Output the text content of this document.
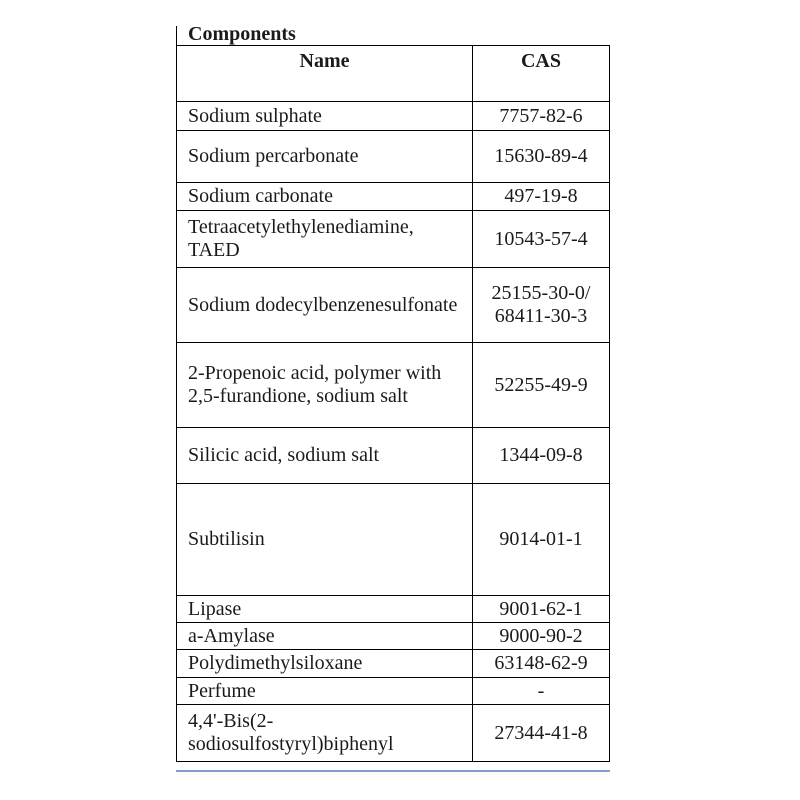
Components
Name	CAS
Sodium sulphate	7757-82-6
Sodium percarbonate	15630-89-4
Sodium carbonate	497-19-8
Tetraacetylethylenediamine, TAED	10543-57-4
Sodium dodecylbenzenesulfonate	25155-30-0/ 68411-30-3
2-Propenoic acid, polymer with 2,5-furandione, sodium salt	52255-49-9
Silicic acid, sodium salt	1344-09-8
Subtilisin	9014-01-1
Lipase	9001-62-1
a-Amylase	9000-90-2
Polydimethylsiloxane	63148-62-9
Perfume	-
4,4'-Bis(2-sodiosulfostyryl)biphenyl	27344-41-8
